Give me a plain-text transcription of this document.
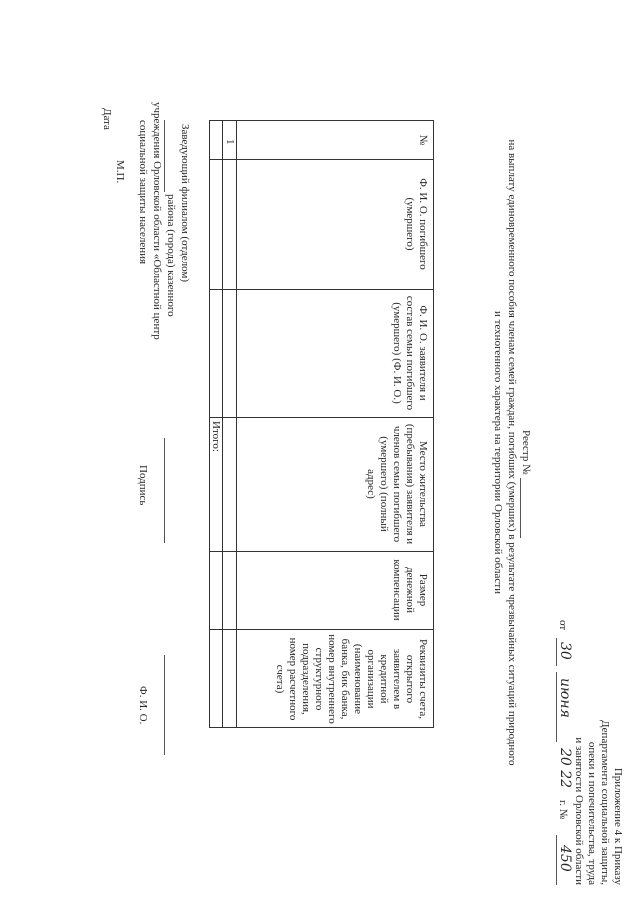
Приложение 4 к Приказу
Департамента социальной защиты,
опеки и попечительства, труда
и занятости Орловской области
от
30
июня
20 22
г. №
450
Реестр №
на выплату единовременного пособия членам семей граждан, погибших (умерших) в результате чрезвычайных ситуаций природного
и техногенного характера на территории Орловской области
№
Ф. И. О. погибшего (умершего)
Ф. И. О. заявителя и состав семьи погибшего (умершего) (Ф. И. О.)
Место жительства (пребывания) заявителя и членов семьи погибшего (умершего) (полный адрес)
Размер денежной компенсации
Реквизиты счета, открытого заявителем в кредитной организации (наименование банка, бик банка, номер внутреннего структурного подразделения, номер расчетного счета)
1
Итого:
Заведующий филиалом (отделом)
района (города) казенного
учреждения Орловской области «Областной центр
социальной защиты населения
Подпись
Ф. И. О.
М.П.
Дата
